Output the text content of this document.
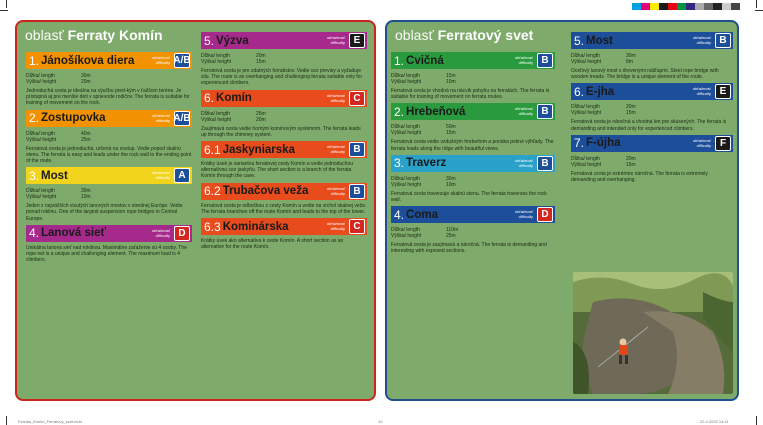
oblasť Ferraty Komín
1. Jánošíkova diera	obťažnosť
difficulty A/B
Dĺžka/ length	30m
Výška/ height	20m
Jednoduchá cesta je ideálna na výučbu pred-kým v ťažšom teréne. Je prístupná aj pre menšie deti v sprievode rodičov. The ferrata is suitable for training of movement on the rock.
2. Zostupovka	obťažnosť
difficulty A/B
Dĺžka/ length	40m
Výška/ height	25m
Ferratová cesta je jednoduchá, určená na zostup. Vedie popod skalnú stenu. The ferrata is easy and leads under the rock wall to the ending point of the route.
3. Most	obťažnosť
difficulty A
Dĺžka/ length	30m
Výška/ height	10m
Jeden z najväčších visutých lanových mostov v strednej Európe. Vedie ponad roklinu. One of the largest suspension rope bridges in Central Europe.
4. Lanová sieť	obťažnosť
difficulty D
Unikátna lanová sieť nad roklinou. Maximálne zaťaženie sú 4 osoby. The rope net is a unique and challenging element. The maximum load is 4 climbers.
5. Výzva	obťažnosť
difficulty E
Dĺžka/ length	20m
Výška/ height	15m
Ferratová cesta je pre zdatných ferratistov. Vedie cez previsy a vyžaduje silu. The route is an overhanging and challenging ferrata suitable only for experienced climbers.
6. Komín	obťažnosť
difficulty C
Dĺžka/ length	25m
Výška/ height	20m
Zaujímavá cesta vedie horným komínovým systémom. The ferrata leads up through the chimney system.
6.1 Jaskyniarska	obťažnosť
difficulty B
Krátky úsek je variantou ferratovej cesty Komín a vedie jednoduchou alternatívou cez jaskyňu. The short section is a branch of the ferrata Komín through the cave.
6.2 Trubačova veža	obťažnosť
difficulty B
Ferratová cesta je odbočkou z cesty Komín a vedie na vrchol skalnej veže. The ferrata branches off the route Komín and leads to the top of the tower.
6.3 Kominárska	obťažnosť
difficulty C
Krátky úsek ako alternatíva k ceste Komín. A short section as an alternative for the route Komín.
oblasť Ferratový svet
1. Cvičná	obťažnosť
difficulty B
Dĺžka/ length	15m
Výška/ height	10m
Ferratová cesta je vhodná na nácvik pohybu na ferratách. The ferrata is suitable for training of movement on ferrata routes.
2. Hrebeňová	obťažnosť
difficulty B
Dĺžka/ length	50m
Výška/ height	15m
Ferratová cesta vedie vzdušným hrebeňom a ponúka pekné výhľady. The ferrata leads along the ridge with beautiful views.
3. Traverz	obťažnosť
difficulty B
Dĺžka/ length	30m
Výška/ height	10m
Ferratová cesta traverzuje skalnú stenu. The ferrata traverses the rock wall.
4. Coma	obťažnosť
difficulty D
Dĺžka/ length	110m
Výška/ height	25m
Ferratová cesta je zaujímavá a náročná. The ferrata is demanding and interesting with exposed sections.
5. Most	obťažnosť
difficulty B
Dĺžka/ length	30m
Výška/ height	8m
Oceľový lanový most s drevenými nášľapmi. Steel rope bridge with wooden treads. The bridge is a unique element of the route.
6. E-jha	obťažnosť
difficulty E
Dĺžka/ length	20m
Výška/ height	15m
Ferratová cesta je náročná a vhodná len pre skúsených. The ferrata is demanding and intended only for experienced climbers.
7. F-újha	obťažnosť
difficulty F
Dĺžka/ length	20m
Výška/ height	15m
Ferratová cesta je extrémne náročná. The ferrata is extremely demanding and overhanging.
Ferrata_Komin_Ferratovy_svet.indd	10	22.4.2020 14:11
